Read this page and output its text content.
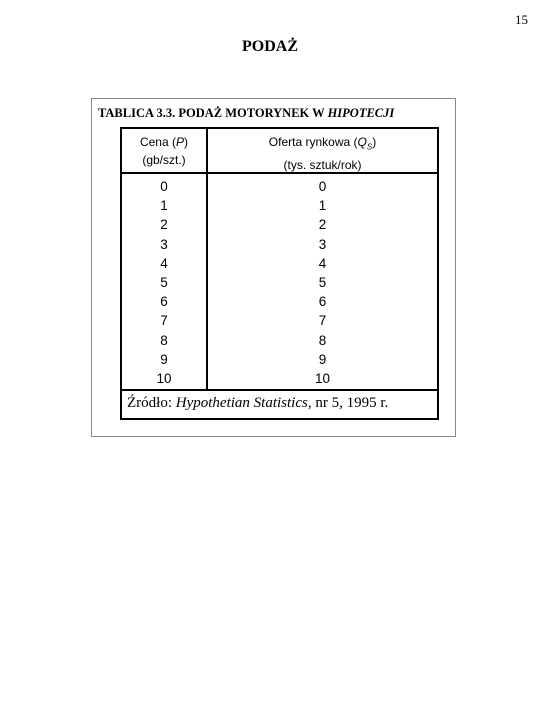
15
PODAŻ
TABLICA 3.3. PODAŻ MOTORYNEK W HIPOTECJI
Cena (P)
(gb/szt.)
Oferta rynkowa $(Q_S)$
(tys. sztuk/rok)
0
1
2
3
4
5
6
7
8
9
10
0
1
2
3
4
5
6
7
8
9
10
Źródło: Hypothetian Statistics, nr 5, 1995 r.
